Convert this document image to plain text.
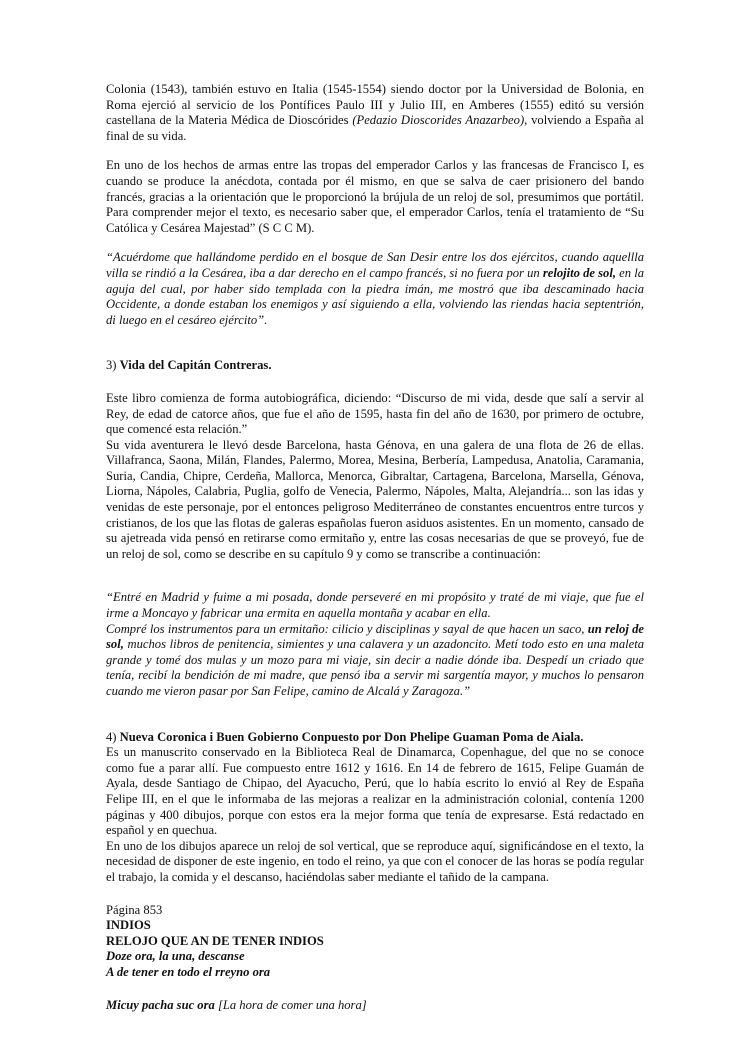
Colonia (1543), también estuvo en Italia (1545-1554) siendo doctor por la Universidad de Bolonia, en Roma ejerció al servicio de los Pontífices Paulo III y Julio III, en Amberes (1555) editó su versión castellana de la Materia Médica de Dioscórides (Pedazio Dioscorides Anazarbeo), volviendo a España al final de su vida.

En uno de los hechos de armas entre las tropas del emperador Carlos y las francesas de Francisco I, es cuando se produce la anécdota, contada por él mismo, en que se salva de caer prisionero del bando francés, gracias a la orientación que le proporcionó la brújula de un reloj de sol, presumimos que portátil. Para comprender mejor el texto, es necesario saber que, el emperador Carlos, tenía el tratamiento de “Su Católica y Cesárea Majestad” (S C C M).

“Acuérdome que hallándome perdido en el bosque de San Desir entre los dos ejércitos, cuando aquellla villa se rindió a la Cesárea, iba a dar derecho en el campo francés, si no fuera por un relojito de sol, en la aguja del cual, por haber sido templada con la piedra imán, me mostró que iba descaminado hacia Occidente, a donde estaban los enemigos y así siguiendo a ella, volviendo las riendas hacia septentrión, di luego en el cesáreo ejército”.

3) Vida del Capitán Contreras.

Este libro comienza de forma autobiográfica, diciendo: “Discurso de mi vida, desde que salí a servir al Rey, de edad de catorce años, que fue el año de 1595, hasta fin del año de 1630, por primero de octubre, que comencé esta relación.”

Su vida aventurera le llevó desde Barcelona, hasta Génova, en una galera de una flota de 26 de ellas. Villafranca, Saona, Milán, Flandes, Palermo, Morea, Mesina, Berbería, Lampedusa, Anatolia, Caramania, Suria, Candia, Chipre, Cerdeña, Mallorca, Menorca, Gibraltar, Cartagena, Barcelona, Marsella, Génova, Liorna, Nápoles, Calabria, Puglia, golfo de Venecia, Palermo, Nápoles, Malta, Alejandría... son las idas y venidas de este personaje, por el entonces peligroso Mediterráneo de constantes encuentros entre turcos y cristianos, de los que las flotas de galeras españolas fueron asiduos asistentes. En un momento, cansado de su ajetreada vida pensó en retirarse como ermitaño y, entre las cosas necesarias de que se proveyó, fue de un reloj de sol, como se describe en su capítulo 9 y como se transcribe a continuación:

“Entré en Madrid y fuime a mi posada, donde perseveré en mi propósito y traté de mi viaje, que fue el irme a Moncayo y fabricar una ermita en aquella montaña y acabar en ella.

Compré los instrumentos para un ermitaño: cilicio y disciplinas y sayal de que hacen un saco, un reloj de sol, muchos libros de penitencia, simientes y una calavera y un azadoncito. Metí todo esto en una maleta grande y tomé dos mulas y un mozo para mi viaje, sin decir a nadie dónde iba. Despedí un criado que tenía, recibí la bendición de mi madre, que pensó iba a servir mi sargentía mayor, y muchos lo pensaron cuando me vieron pasar por San Felipe, camino de Alcalá y Zaragoza.”

4) Nueva Coronica i Buen Gobierno Conpuesto por Don Phelipe Guaman Poma de Aiala.

Es un manuscrito conservado en la Biblioteca Real de Dinamarca, Copenhague, del que no se conoce como fue a parar allí. Fue compuesto entre 1612 y 1616. En 14 de febrero de 1615, Felipe Guamán de Ayala, desde Santiago de Chipao, del Ayacucho, Perú, que lo había escrito lo envió al Rey de España Felipe III, en el que le informaba de las mejoras a realizar en la administración colonial, contenía 1200 páginas y 400 dibujos, porque con estos era la mejor forma que tenía de expresarse. Está redactado en español y en quechua.

En uno de los dibujos aparece un reloj de sol vertical, que se reproduce aquí, significándose en el texto, la necesidad de disponer de este ingenio, en todo el reino, ya que con el conocer de las horas se podía regular el trabajo, la comida y el descanso, haciéndolas saber mediante el tañido de la campana.

Página 853

INDIOS

RELOJO QUE AN DE TENER INDIOS

Doze ora, la una, descanse

A de tener en todo el rreyno ora

Micuy pacha suc ora [La hora de comer una hora]
